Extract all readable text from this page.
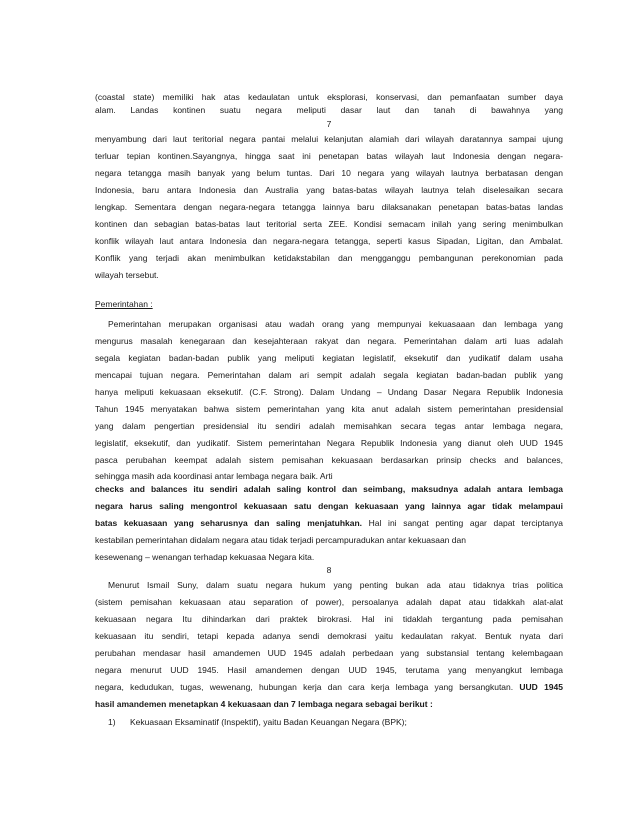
(coastal state) memiliki hak atas kedaulatan untuk eksplorasi, konservasi, dan pemanfaatan sumber daya
alam. Landas kontinen suatu negara meliputi dasar laut dan tanah di bawahnya yang
7
menyambung dari laut teritorial negara pantai melalui kelanjutan alamiah dari wilayah daratannya sampai ujung
terluar tepian kontinen.Sayangnya, hingga saat ini penetapan batas wilayah laut Indonesia dengan negara-
negara tetangga masih banyak yang belum tuntas. Dari 10 negara yang wilayah lautnya berbatasan dengan
Indonesia, baru antara Indonesia dan Australia yang batas-batas wilayah lautnya telah diselesaikan secara
lengkap. Sementara dengan negara-negara tetangga lainnya baru dilaksanakan penetapan batas-batas landas
kontinen dan sebagian batas-batas laut teritorial serta ZEE. Kondisi semacam inilah yang sering menimbulkan
konflik wilayah laut antara Indonesia dan negara-negara tetangga, seperti kasus Sipadan, Ligitan, dan Ambalat.
Konflik yang terjadi akan menimbulkan ketidakstabilan dan mengganggu pembangunan perekonomian pada
wilayah tersebut.
Pemerintahan :
Pemerintahan merupakan organisasi atau wadah orang yang mempunyai kekuasaaan dan lembaga yang
mengurus masalah kenegaraan dan kesejahteraan rakyat dan negara. Pemerintahan dalam arti luas adalah
segala kegiatan badan-badan publik yang meliputi kegiatan legislatif, eksekutif dan yudikatif dalam usaha
mencapai tujuan negara. Pemerintahan dalam ari sempit adalah segala kegiatan badan-badan publik yang
hanya meliputi kekuasaan eksekutif. (C.F. Strong). Dalam Undang – Undang Dasar Negara Republik Indonesia
Tahun 1945 menyatakan bahwa sistem pemerintahan yang kita anut adalah sistem pemerintahan presidensial
yang dalam pengertian presidensial itu sendiri adalah memisahkan secara tegas antar lembaga negara,
legislatif, eksekutif, dan yudikatif. Sistem pemerintahan Negara Republik Indonesia yang dianut oleh UUD 1945
pasca perubahan keempat adalah sistem pemisahan kekuasaan berdasarkan prinsip checks and balances,
sehingga masih ada koordinasi antar lembaga negara baik. Arti
checks and balances itu sendiri adalah saling kontrol dan seimbang, maksudnya adalah antara lembaga
negara harus saling mengontrol kekuasaan satu dengan kekuasaan yang lainnya agar tidak melampaui
batas kekuasaan yang seharusnya dan saling menjatuhkan. Hal ini sangat penting agar dapat terciptanya
kestabilan pemerintahan didalam negara atau tidak terjadi percampuradukan antar kekuasaan dan
kesewenang – wenangan terhadap kekuasaa Negara kita.
8
Menurut Ismail Suny, dalam suatu negara hukum yang penting bukan ada atau tidaknya trias politica
(sistem pemisahan kekuasaan atau separation of power), persoalanya adalah dapat atau tidakkah alat-alat
kekuasaan negara Itu dihindarkan dari praktek birokrasi. Hal ini tidaklah tergantung pada pemisahan
kekuasaan itu sendiri, tetapi kepada adanya sendi demokrasi yaitu kedaulatan rakyat. Bentuk nyata dari
perubahan mendasar hasil amandemen UUD 1945 adalah perbedaan yang substansial tentang kelembagaan
negara menurut UUD 1945. Hasil amandemen dengan UUD 1945, terutama yang menyangkut lembaga
negara, kedudukan, tugas, wewenang, hubungan kerja dan cara kerja lembaga yang bersangkutan. UUD 1945
hasil amandemen menetapkan 4 kekuasaan dan 7 lembaga negara sebagai berikut :
1) Kekuasaan Eksaminatif (Inspektif), yaitu Badan Keuangan Negara (BPK);
